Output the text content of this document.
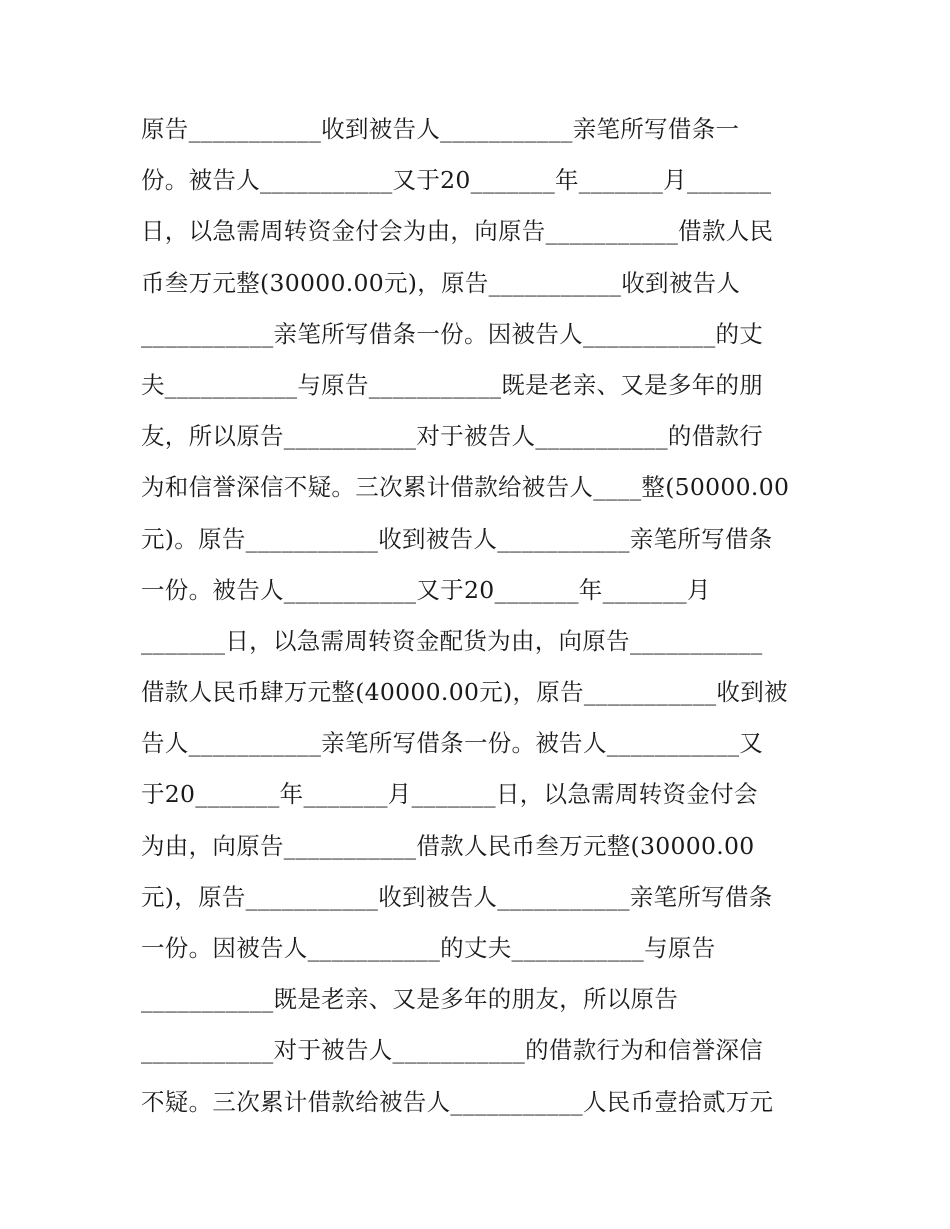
原告___________收到被告人___________亲笔所写借条一
份。被告人___________又于20_______年_______月_______
日，以急需周转资金付会为由，向原告___________借款人民
币叁万元整(30000.00元)，原告___________收到被告人
___________亲笔所写借条一份。因被告人___________的丈
夫___________与原告___________既是老亲、又是多年的朋
友，所以原告___________对于被告人___________的借款行
为和信誉深信不疑。三次累计借款给被告人____整(50000.00
元)。原告___________收到被告人___________亲笔所写借条
一份。被告人___________又于20_______年_______月
_______日，以急需周转资金配货为由，向原告___________
借款人民币肆万元整(40000.00元)，原告___________收到被
告人___________亲笔所写借条一份。被告人___________又
于20_______年_______月_______日，以急需周转资金付会
为由，向原告___________借款人民币叁万元整(30000.00
元)，原告___________收到被告人___________亲笔所写借条
一份。因被告人___________的丈夫___________与原告
___________既是老亲、又是多年的朋友，所以原告
___________对于被告人___________的借款行为和信誉深信
不疑。三次累计借款给被告人___________人民币壹拾贰万元
